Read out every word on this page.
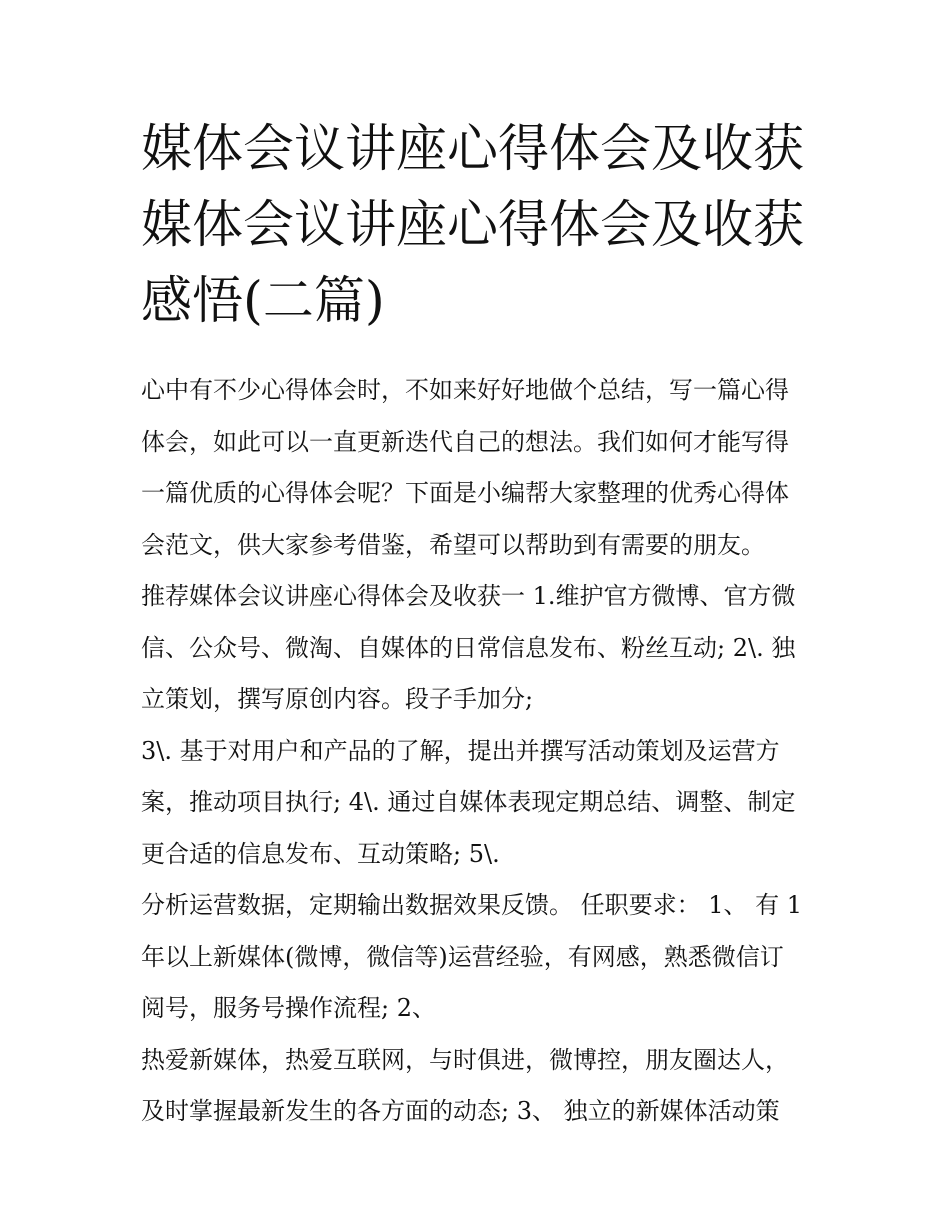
媒体会议讲座心得体会及收获
媒体会议讲座心得体会及收获
感悟(二篇)

心中有不少心得体会时，不如来好好地做个总结，写一篇心得
体会，如此可以一直更新迭代自己的想法。我们如何才能写得
一篇优质的心得体会呢？下面是小编帮大家整理的优秀心得体
会范文，供大家参考借鉴，希望可以帮助到有需要的朋友。

推荐媒体会议讲座心得体会及收获一 1.维护官方微博、官方微
信、公众号、微淘、自媒体的日常信息发布、粉丝互动; 2\. 独
立策划，撰写原创内容。段子手加分;

3\. 基于对用户和产品的了解，提出并撰写活动策划及运营方
案，推动项目执行; 4\. 通过自媒体表现定期总结、调整、制定
更合适的信息发布、互动策略; 5\.

分析运营数据，定期输出数据效果反馈。 任职要求： 1、 有 1
年以上新媒体(微博，微信等)运营经验，有网感，熟悉微信订
阅号，服务号操作流程; 2、

热爱新媒体，热爱互联网，与时俱进，微博控，朋友圈达人，
及时掌握最新发生的各方面的动态; 3、 独立的新媒体活动策
